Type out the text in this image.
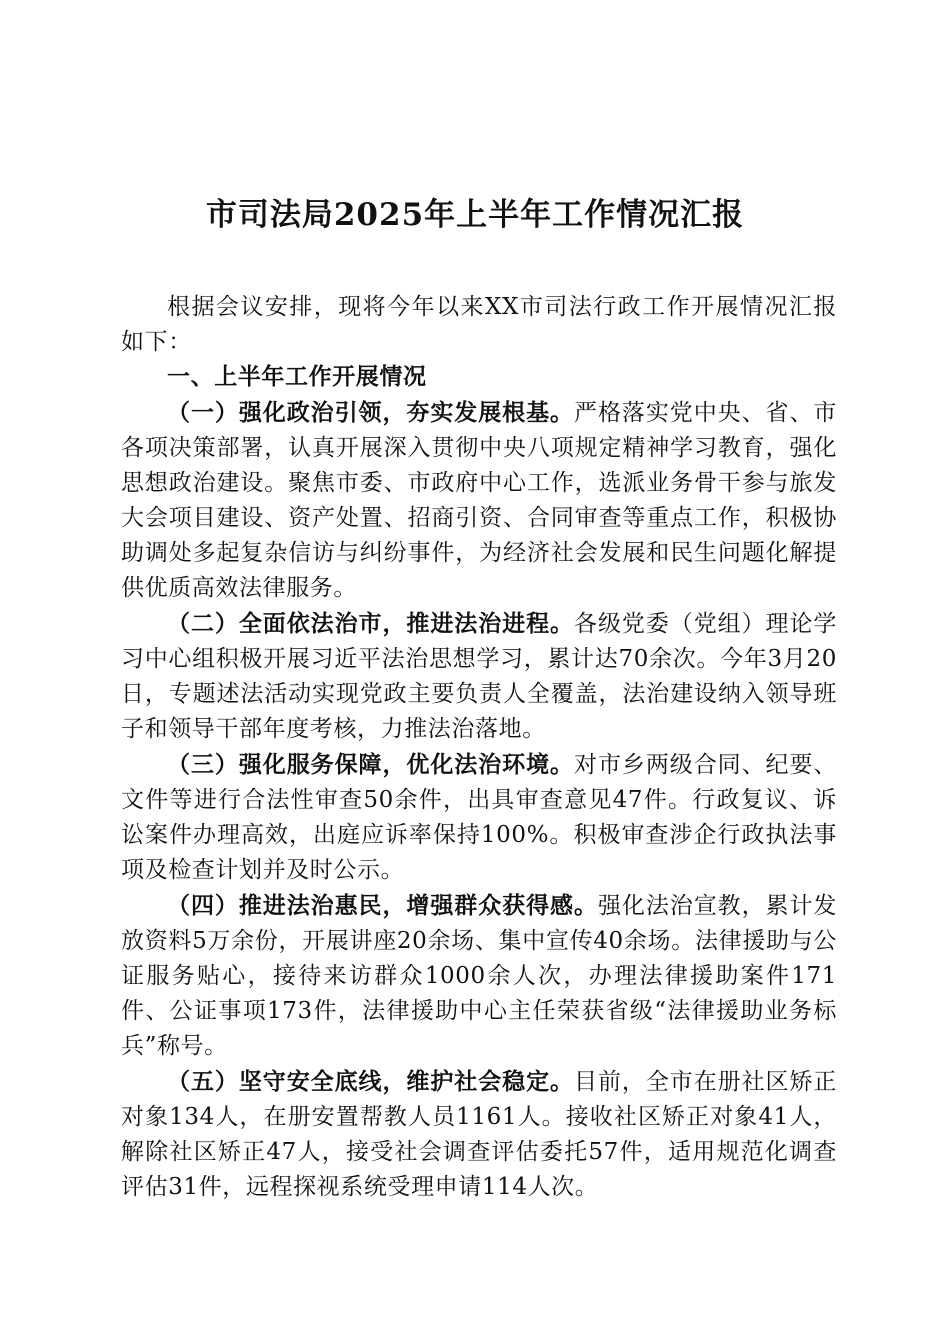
市司法局2025年上半年工作情况汇报

根据会议安排，现将今年以来XX市司法行政工作开展情况汇报如下：

一、上半年工作开展情况

（一）强化政治引领，夯实发展根基。严格落实党中央、省、市各项决策部署，认真开展深入贯彻中央八项规定精神学习教育，强化思想政治建设。聚焦市委、市政府中心工作，选派业务骨干参与旅发大会项目建设、资产处置、招商引资、合同审查等重点工作，积极协助调处多起复杂信访与纠纷事件，为经济社会发展和民生问题化解提供优质高效法律服务。

（二）全面依法治市，推进法治进程。各级党委（党组）理论学习中心组积极开展习近平法治思想学习，累计达70余次。今年3月20日，专题述法活动实现党政主要负责人全覆盖，法治建设纳入领导班子和领导干部年度考核，力推法治落地。

（三）强化服务保障，优化法治环境。对市乡两级合同、纪要、文件等进行合法性审查50余件，出具审查意见47件。行政复议、诉讼案件办理高效，出庭应诉率保持100%。积极审查涉企行政执法事项及检查计划并及时公示。

（四）推进法治惠民，增强群众获得感。强化法治宣教，累计发放资料5万余份，开展讲座20余场、集中宣传40余场。法律援助与公证服务贴心，接待来访群众1000余人次，办理法律援助案件171件、公证事项173件，法律援助中心主任荣获省级“法律援助业务标兵”称号。

（五）坚守安全底线，维护社会稳定。目前，全市在册社区矫正对象134人，在册安置帮教人员1161人。接收社区矫正对象41人，解除社区矫正47人，接受社会调查评估委托57件，适用规范化调查评估31件，远程探视系统受理申请114人次。
